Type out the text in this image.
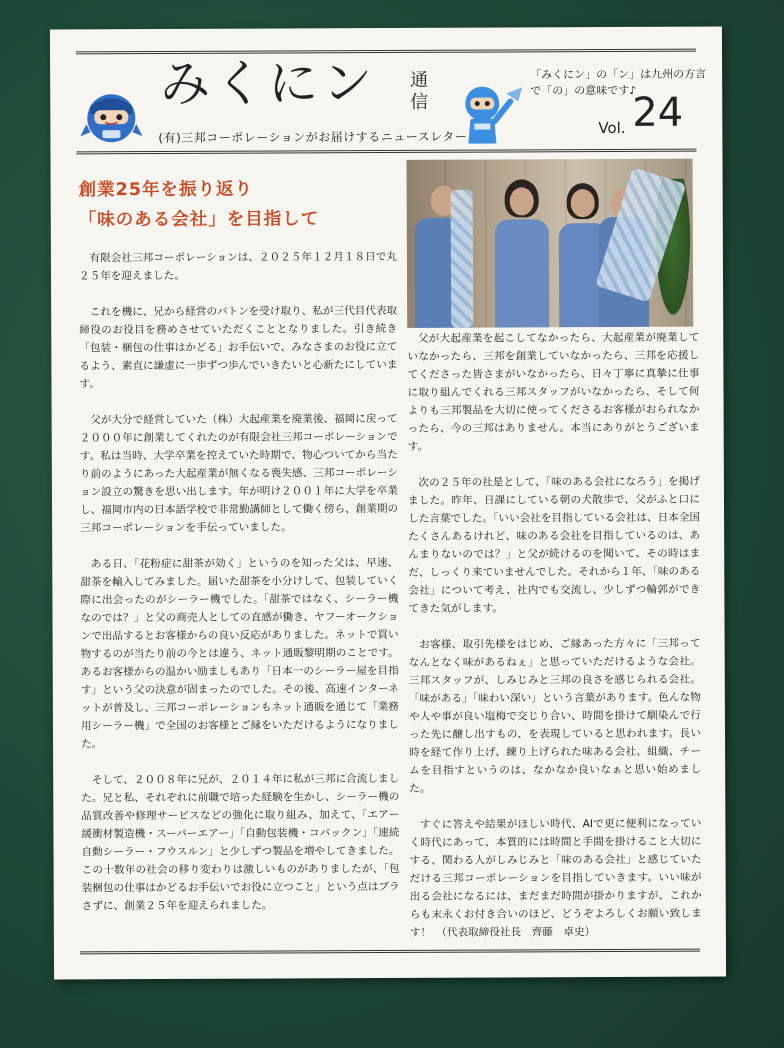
みくにン 通信
(有)三邦コーポレーションがお届けするニュースレター
「みくにン」の「ン」は九州の方言で「の」の意味です♪
Vol. 24
創業25年を振り返り
「味のある会社」を目指して

有限会社三邦コーポレーションは、２０２５年１２月１８日で丸２５年を迎えました。

これを機に、兄から経営のバトンを受け取り、私が三代目代表取締役のお役目を務めさせていただくこととなりました。引き続き「包装・梱包の仕事はかどる」お手伝いで、みなさまのお役に立てるよう、素直に謙虚に一歩ずつ歩んでいきたいと心新たにしています。

父が大分で経営していた（株）大起産業を廃業後、福岡に戻って２０００年に創業してくれたのが有限会社三邦コーポレーションです。私は当時、大学卒業を控えていた時期で、物心ついてから当たり前のようにあった大起産業が無くなる喪失感、三邦コーポレーション設立の驚きを思い出します。年が明け２００１年に大学を卒業し、福岡市内の日本語学校で非常勤講師として働く傍ら、創業期の三邦コーポレーションを手伝っていました。

ある日、「花粉症に甜茶が効く」というのを知った父は、早速、甜茶を輸入してみました。届いた甜茶を小分けして、包装していく際に出会ったのがシーラー機でした。「甜茶ではなく、シーラー機なのでは？」と父の商売人としての直感が働き、ヤフーオークションで出品するとお客様からの良い反応がありました。ネットで買い物するのが当たり前の今とは違う、ネット通販黎明期のことです。あるお客様からの温かい励ましもあり「日本一のシーラー屋を目指す」という父の決意が固まったのでした。その後、高速インターネットが普及し、三邦コーポレーションもネット通販を通じて「業務用シーラー機」で全国のお客様とご縁をいただけるようになりました。

そして、２００８年に兄が、２０１４年に私が三邦に合流しました。兄と私、それぞれに前職で培った経験を生かし、シーラー機の品質改善や修理サービスなどの強化に取り組み、加えて、「エアー緩衝材製造機・スーパーエアー」「自動包装機・コバックン」「連続自動シーラー・フウスルン」と少しずつ製品を増やしてきました。この十数年の社会の移り変わりは激しいものがありましたが、「包装梱包の仕事はかどるお手伝いでお役に立つこと」という点はブラさずに、創業２５年を迎えられました。

父が大起産業を起こしてなかったら、大起産業が廃業していなかったら、三邦を創業していなかったら、三邦を応援してくださった皆さまがいなかったら、日々丁寧に真摯に仕事に取り組んでくれる三邦スタッフがいなかったら、そして何よりも三邦製品を大切に使ってくださるお客様がおられなかったら、今の三邦はありません。本当にありがとうございます。

次の２５年の社是として、「味のある会社になろう」を掲げました。昨年、日課にしている朝の犬散歩で、父がふと口にした言葉でした。「いい会社を目指している会社は、日本全国たくさんあるけれど、味のある会社を目指しているのは、あんまりないのでは？」と父が続けるのを聞いて、その時はまだ、しっくり来ていませんでした。それから１年、「味のある会社」について考え、社内でも交流し、少しずつ輪郭ができてきた気がします。

お客様、取引先様をはじめ、ご縁あった方々に「三邦ってなんとなく味があるねぇ」と思っていただけるような会社。三邦スタッフが、しみじみと三邦の良さを感じられる会社。「味がある」「味わい深い」という言葉があります。色んな物や人や事が良い塩梅で交じり合い、時間を掛けて馴染んで行った先に醸し出すもの、を表現していると思われます。長い時を経て作り上げ、練り上げられた味ある会社、組織、チームを目指すというのは、なかなか良いなぁと思い始めました。

すぐに答えや結果がほしい時代、AIで更に便利になっていく時代にあって、本質的には時間と手間を掛けること大切にする、関わる人がしみじみと「味のある会社」と感じていただける三邦コーポレーションを目指していきます。いい味が出る会社になるには、まだまだ時間が掛かりますが、これからも末永くお付き合いのほど、どうぞよろしくお願い致します！　（代表取締役社長　齊藤　卓史）
